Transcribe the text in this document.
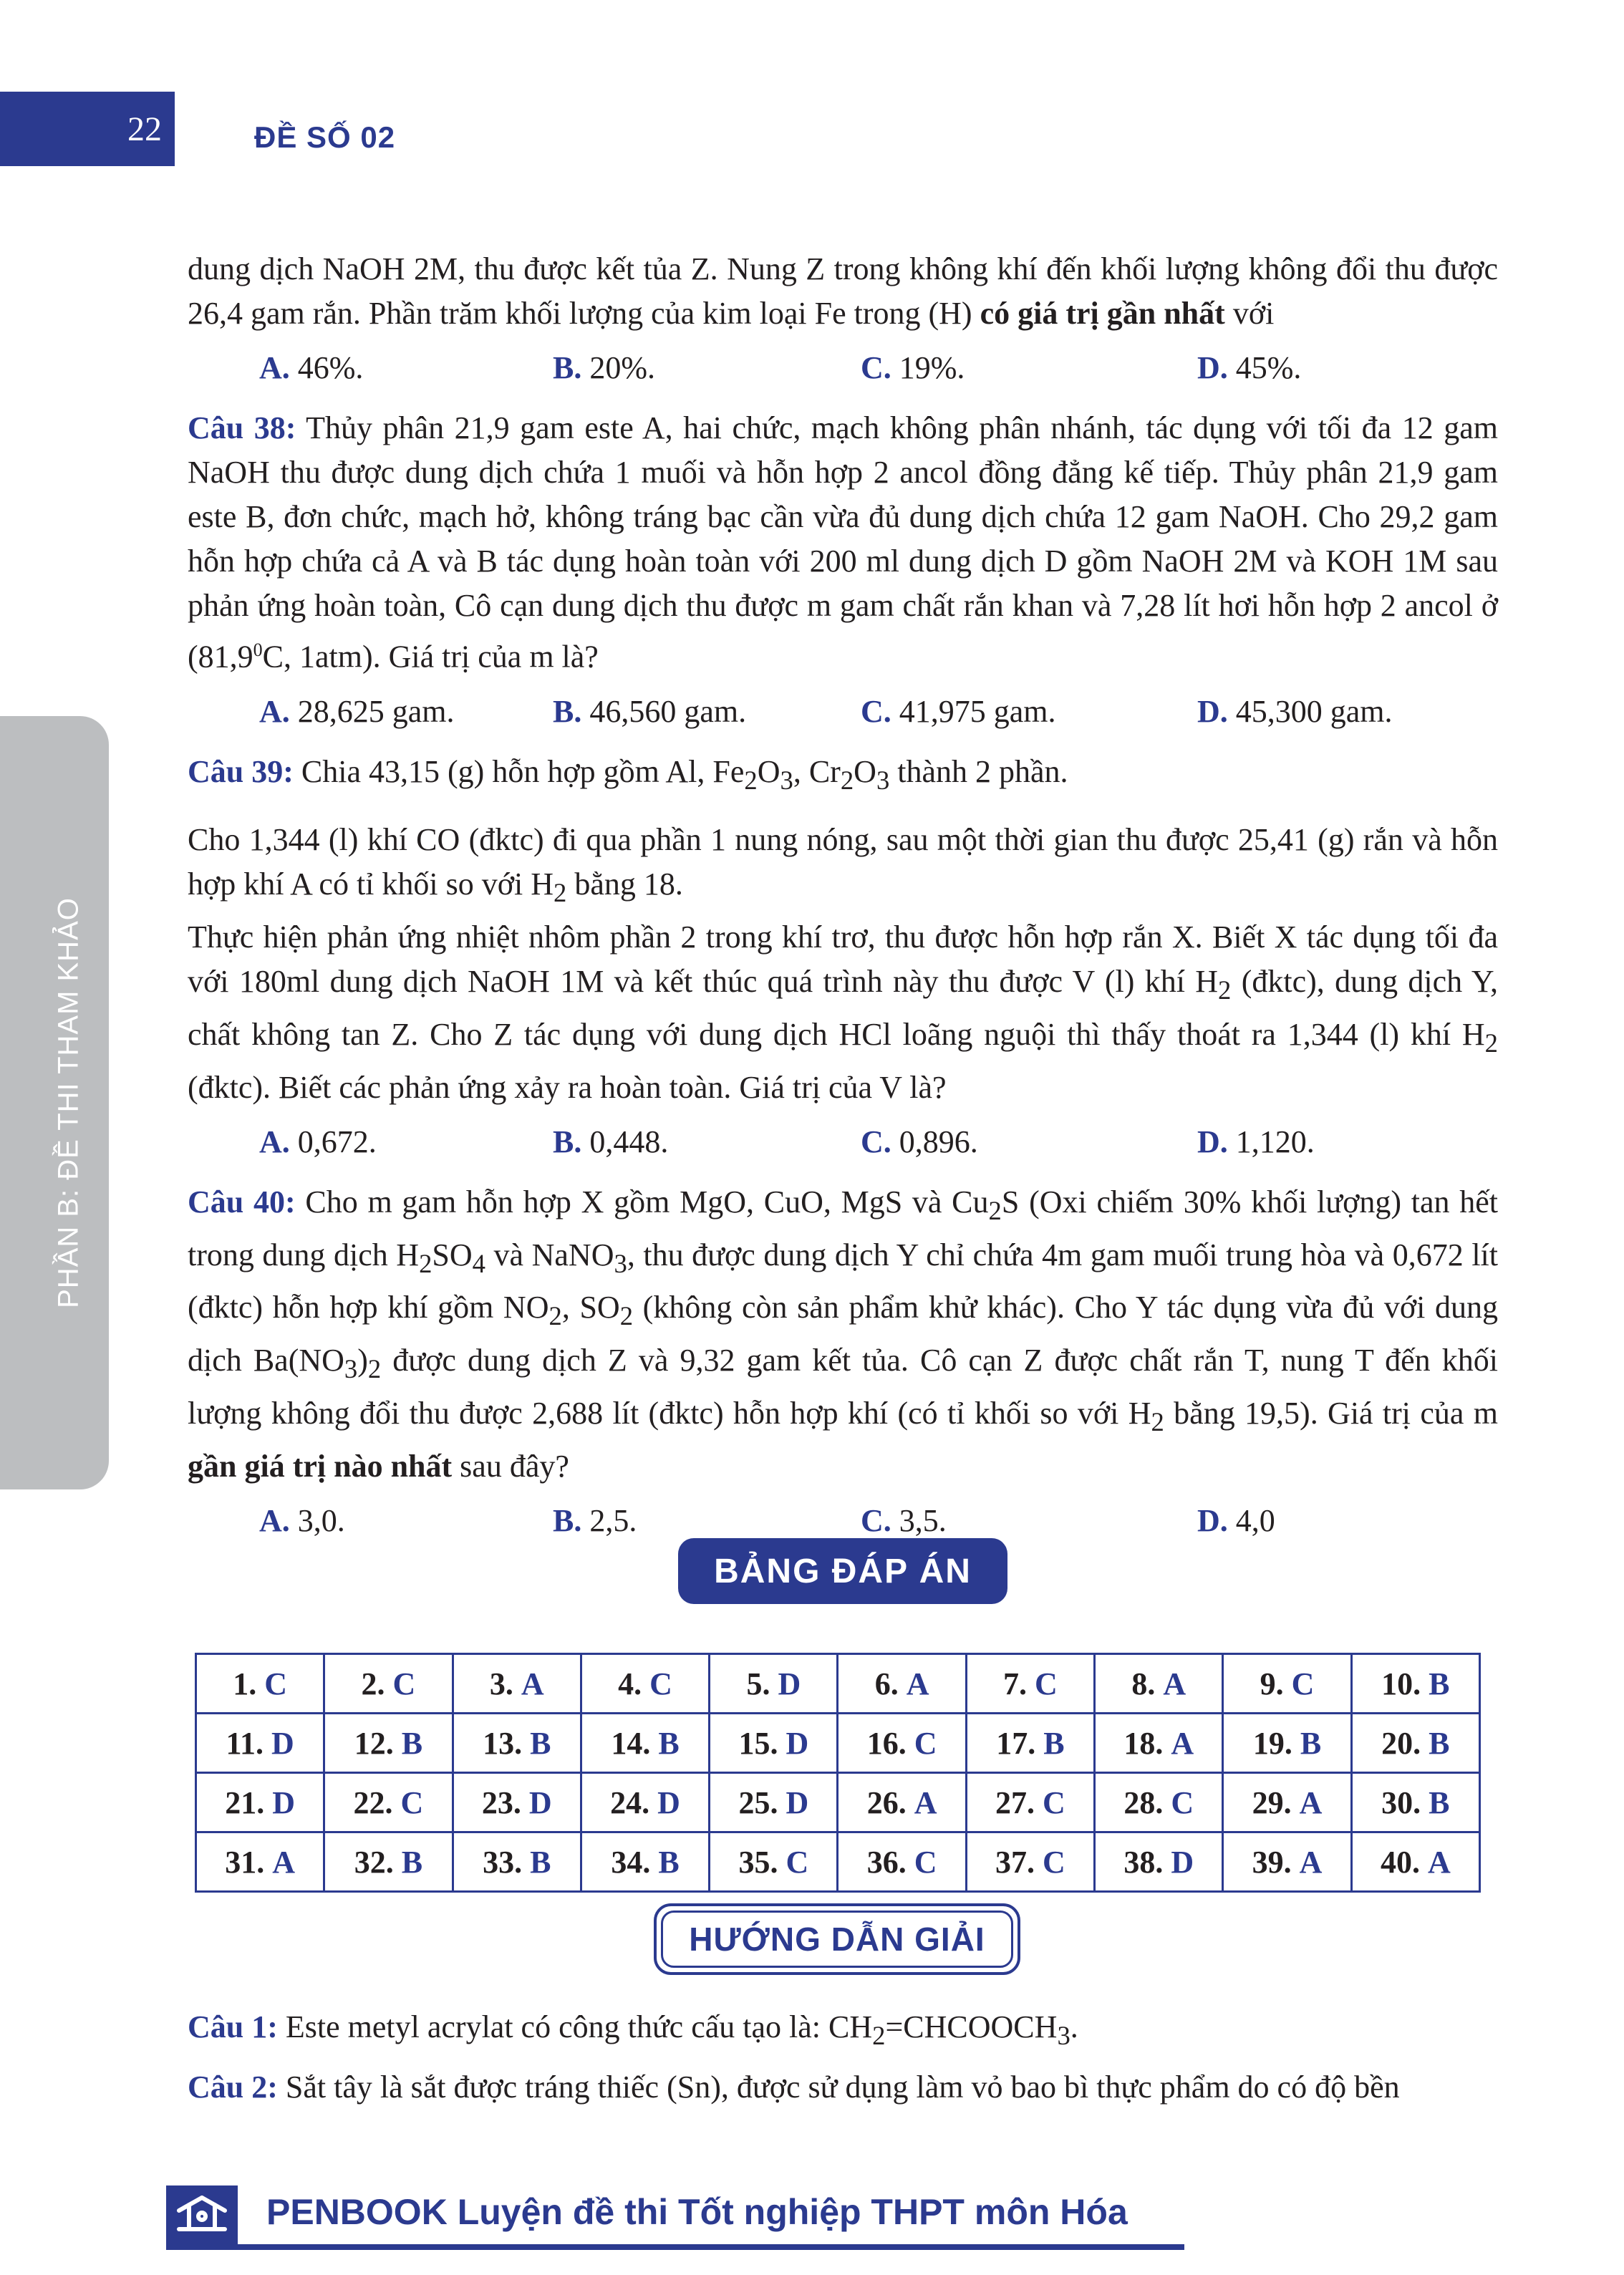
22	ĐỀ SỐ 02
PHẦN B: ĐỀ THI THAM KHẢO

dung dịch NaOH 2M, thu được kết tủa Z. Nung Z trong không khí đến khối lượng không đổi thu được 26,4 gam rắn. Phần trăm khối lượng của kim loại Fe trong (H) có giá trị gần nhất với

A. 46%.	B. 20%.	C. 19%.	D. 45%.

Câu 38: Thủy phân 21,9 gam este A, hai chức, mạch không phân nhánh, tác dụng với tối đa 12 gam NaOH thu được dung dịch chứa 1 muối và hỗn hợp 2 ancol đồng đẳng kế tiếp. Thủy phân 21,9 gam este B, đơn chức, mạch hở, không tráng bạc cần vừa đủ dung dịch chứa 12 gam NaOH. Cho 29,2 gam hỗn hợp chứa cả A và B tác dụng hoàn toàn với 200 ml dung dịch D gồm NaOH 2M và KOH 1M sau phản ứng hoàn toàn, Cô cạn dung dịch thu được m gam chất rắn khan và 7,28 lít hơi hỗn hợp 2 ancol ở (81,9$^0$C, 1atm). Giá trị của m là?

A. 28,625 gam.	B. 46,560 gam.	C. 41,975 gam.	D. 45,300 gam.

Câu 39: Chia 43,15 (g) hỗn hợp gồm Al, $Fe_2O_3$, $Cr_2O_3$ thành 2 phần.

Cho 1,344 (l) khí CO (đktc) đi qua phần 1 nung nóng, sau một thời gian thu được 25,41 (g) rắn và hỗn hợp khí A có tỉ khối so với $H_2$ bằng 18.

Thực hiện phản ứng nhiệt nhôm phần 2 trong khí trơ, thu được hỗn hợp rắn X. Biết X tác dụng tối đa với 180ml dung dịch NaOH 1M và kết thúc quá trình này thu được V (l) khí $H_2$ (đktc), dung dịch Y, chất không tan Z. Cho Z tác dụng với dung dịch HCl loãng nguội thì thấy thoát ra 1,344 (l) khí $H_2$ (đktc). Biết các phản ứng xảy ra hoàn toàn. Giá trị của V là?

A. 0,672.	B. 0,448.	C. 0,896.	D. 1,120.

Câu 40: Cho m gam hỗn hợp X gồm MgO, CuO, MgS và $Cu_2S$ (Oxi chiếm 30% khối lượng) tan hết trong dung dịch $H_2SO_4$ và NaNO$_3$, thu được dung dịch Y chỉ chứa 4m gam muối trung hòa và 0,672 lít (đktc) hỗn hợp khí gồm $NO_2$, $SO_2$ (không còn sản phẩm khử khác). Cho Y tác dụng vừa đủ với dung dịch $Ba(NO_3)_2$ được dung dịch Z và 9,32 gam kết tủa. Cô cạn Z được chất rắn T, nung T đến khối lượng không đổi thu được 2,688 lít (đktc) hỗn hợp khí (có tỉ khối so với $H_2$ bằng 19,5). Giá trị của m gần giá trị nào nhất sau đây?

A. 3,0.	B. 2,5.	C. 3,5.	D. 4,0
BẢNG ĐÁP ÁN
1. C	2. C	3. A	4. C	5. D	6. A	7. C	8. A	9. C	10. B
11. D	12. B	13. B	14. B	15. D	16. C	17. B	18. A	19. B	20. B
21. D	22. C	23. D	24. D	25. D	26. A	27. C	28. C	29. A	30. B
31. A	32. B	33. B	34. B	35. C	36. C	37. C	38. D	39. A	40. A
HƯỚNG DẪN GIẢI
Câu 1: Este metyl acrylat có công thức cấu tạo là: $CH_2=CHCOOCH_3$.
Câu 2: Sắt tây là sắt được tráng thiếc (Sn), được sử dụng làm vỏ bao bì thực phẩm do có độ bền
PENBOOK Luyện đề thi Tốt nghiệp THPT môn Hóa
